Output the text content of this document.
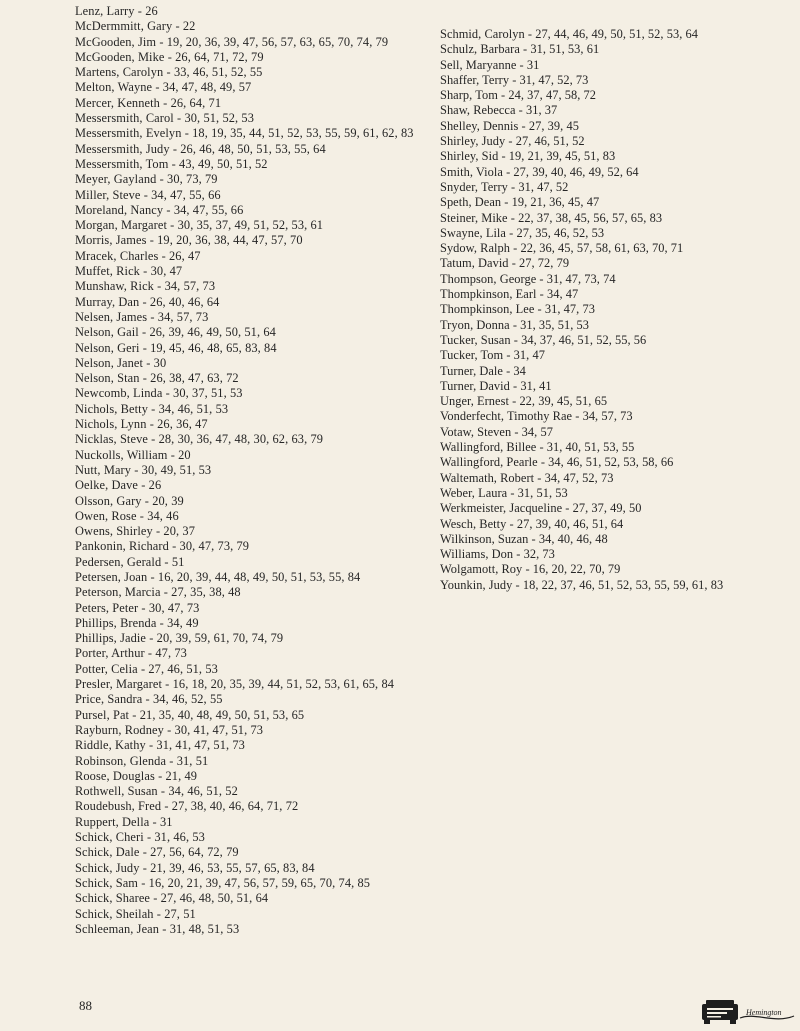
Lenz, Larry - 26
McDermmitt, Gary - 22
McGooden, Jim - 19, 20, 36, 39, 47, 56, 57, 63, 65, 70, 74, 79
McGooden, Mike - 26, 64, 71, 72, 79
Martens, Carolyn - 33, 46, 51, 52, 55
Melton, Wayne - 34, 47, 48, 49, 57
Mercer, Kenneth - 26, 64, 71
Messersmith, Carol - 30, 51, 52, 53
Messersmith, Evelyn - 18, 19, 35, 44, 51, 52, 53, 55, 59, 61, 62, 83
Messersmith, Judy - 26, 46, 48, 50, 51, 53, 55, 64
Messersmith, Tom - 43, 49, 50, 51, 52
Meyer, Gayland - 30, 73, 79
Miller, Steve - 34, 47, 55, 66
Moreland, Nancy - 34, 47, 55, 66
Morgan, Margaret - 30, 35, 37, 49, 51, 52, 53, 61
Morris, James - 19, 20, 36, 38, 44, 47, 57, 70
Mracek, Charles - 26, 47
Muffet, Rick - 30, 47
Munshaw, Rick - 34, 57, 73
Murray, Dan - 26, 40, 46, 64
Nelsen, James - 34, 57, 73
Nelson, Gail - 26, 39, 46, 49, 50, 51, 64
Nelson, Geri - 19, 45, 46, 48, 65, 83, 84
Nelson, Janet - 30
Nelson, Stan - 26, 38, 47, 63, 72
Newcomb, Linda - 30, 37, 51, 53
Nichols, Betty - 34, 46, 51, 53
Nichols, Lynn - 26, 36, 47
Nicklas, Steve - 28, 30, 36, 47, 48, 30, 62, 63, 79
Nuckolls, William - 20
Nutt, Mary - 30, 49, 51, 53
Oelke, Dave - 26
Olsson, Gary - 20, 39
Owen, Rose - 34, 46
Owens, Shirley - 20, 37
Pankonin, Richard - 30, 47, 73, 79
Pedersen, Gerald - 51
Petersen, Joan - 16, 20, 39, 44, 48, 49, 50, 51, 53, 55, 84
Peterson, Marcia - 27, 35, 38, 48
Peters, Peter - 30, 47, 73
Phillips, Brenda - 34, 49
Phillips, Jadie - 20, 39, 59, 61, 70, 74, 79
Porter, Arthur - 47, 73
Potter, Celia - 27, 46, 51, 53
Presler, Margaret - 16, 18, 20, 35, 39, 44, 51, 52, 53, 61, 65, 84
Price, Sandra - 34, 46, 52, 55
Pursel, Pat - 21, 35, 40, 48, 49, 50, 51, 53, 65
Rayburn, Rodney - 30, 41, 47, 51, 73
Riddle, Kathy - 31, 41, 47, 51, 73
Robinson, Glenda - 31, 51
Roose, Douglas - 21, 49
Rothwell, Susan - 34, 46, 51, 52
Roudebush, Fred - 27, 38, 40, 46, 64, 71, 72
Ruppert, Della - 31
Schick, Cheri - 31, 46, 53
Schick, Dale - 27, 56, 64, 72, 79
Schick, Judy - 21, 39, 46, 53, 55, 57, 65, 83, 84
Schick, Sam - 16, 20, 21, 39, 47, 56, 57, 59, 65, 70, 74, 85
Schick, Sharee - 27, 46, 48, 50, 51, 64
Schick, Sheilah - 27, 51
Schleeman, Jean - 31, 48, 51, 53
Schmid, Carolyn - 27, 44, 46, 49, 50, 51, 52, 53, 64
Schulz, Barbara - 31, 51, 53, 61
Sell, Maryanne - 31
Shaffer, Terry - 31, 47, 52, 73
Sharp, Tom - 24, 37, 47, 58, 72
Shaw, Rebecca - 31, 37
Shelley, Dennis - 27, 39, 45
Shirley, Judy - 27, 46, 51, 52
Shirley, Sid - 19, 21, 39, 45, 51, 83
Smith, Viola - 27, 39, 40, 46, 49, 52, 64
Snyder, Terry - 31, 47, 52
Speth, Dean - 19, 21, 36, 45, 47
Steiner, Mike - 22, 37, 38, 45, 56, 57, 65, 83
Swayne, Lila - 27, 35, 46, 52, 53
Sydow, Ralph - 22, 36, 45, 57, 58, 61, 63, 70, 71
Tatum, David - 27, 72, 79
Thompson, George - 31, 47, 73, 74
Thompkinson, Earl - 34, 47
Thompkinson, Lee - 31, 47, 73
Tryon, Donna - 31, 35, 51, 53
Tucker, Susan - 34, 37, 46, 51, 52, 55, 56
Tucker, Tom - 31, 47
Turner, Dale - 34
Turner, David - 31, 41
Unger, Ernest - 22, 39, 45, 51, 65
Vonderfecht, Timothy Rae - 34, 57, 73
Votaw, Steven - 34, 57
Wallingford, Billee - 31, 40, 51, 53, 55
Wallingford, Pearle - 34, 46, 51, 52, 53, 58, 66
Waltemath, Robert - 34, 47, 52, 73
Weber, Laura - 31, 51, 53
Werkmeister, Jacqueline - 27, 37, 49, 50
Wesch, Betty - 27, 39, 40, 46, 51, 64
Wilkinson, Suzan - 34, 40, 46, 48
Williams, Don - 32, 73
Wolgamott, Roy - 16, 20, 22, 70, 79
Younkin, Judy - 18, 22, 37, 46, 51, 52, 53, 55, 59, 61, 83
88	Hemington
